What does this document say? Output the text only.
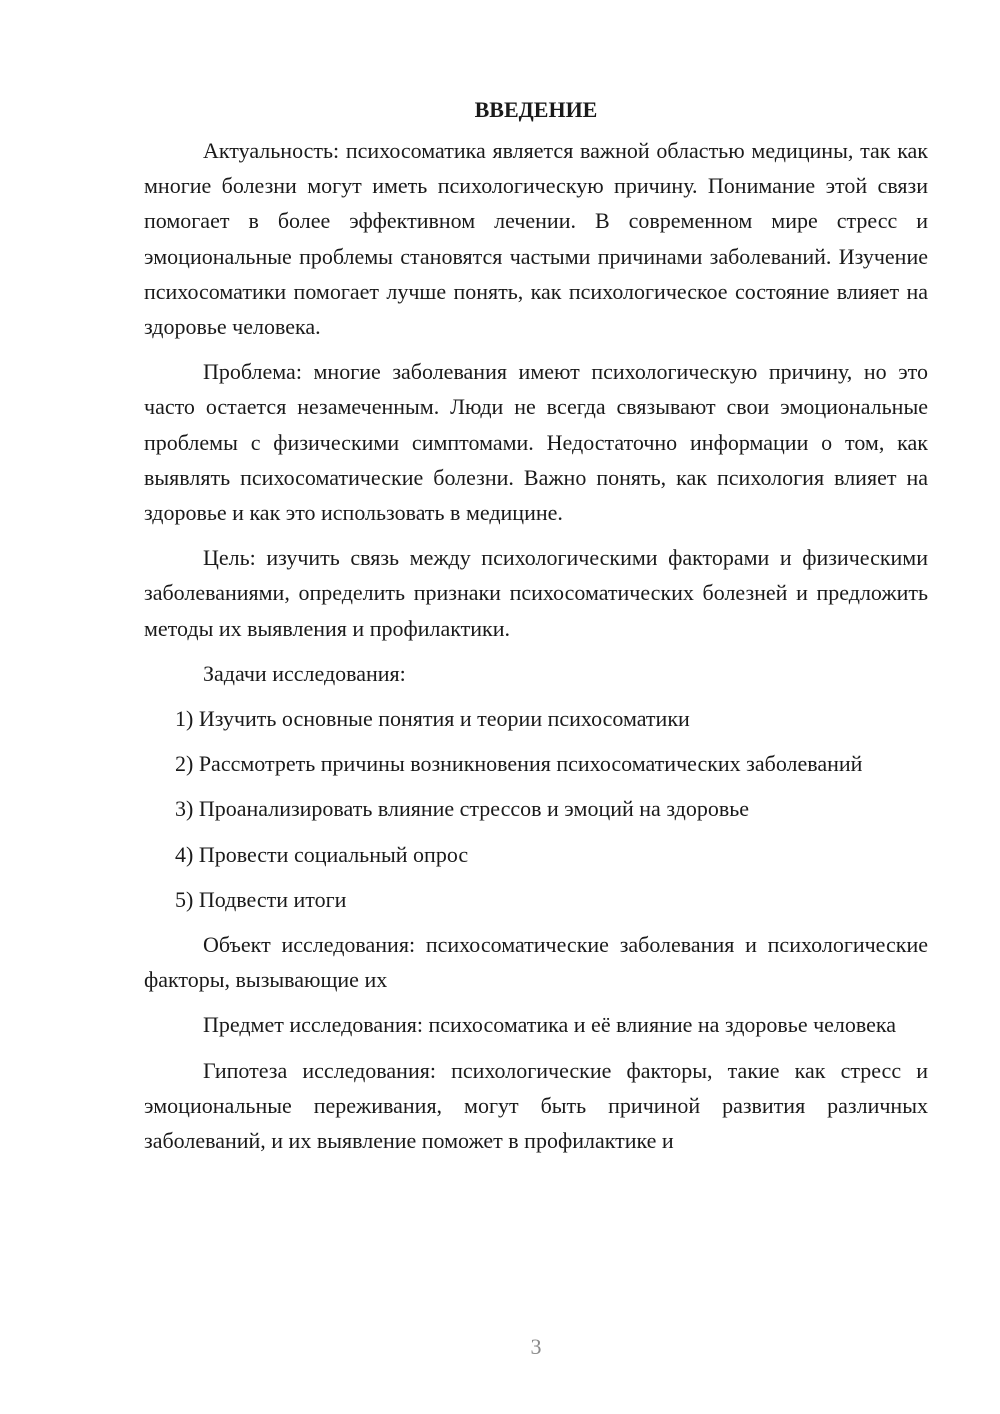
ВВЕДЕНИЕ

Актуальность: психосоматика является важной областью медицины, так как многие болезни могут иметь психологическую причину. Понимание этой связи помогает в более эффективном лечении. В современном мире стресс и эмоциональные проблемы становятся частыми причинами заболеваний. Изучение психосоматики помогает лучше понять, как психологическое состояние влияет на здоровье человека.

Проблема: многие заболевания имеют психологическую причину, но это часто остается незамеченным. Люди не всегда связывают свои эмоциональные проблемы с физическими симптомами. Недостаточно информации о том, как выявлять психосоматические болезни. Важно понять, как психология влияет на здоровье и как это использовать в медицине.

Цель: изучить связь между психологическими факторами и физическими заболеваниями, определить признаки психосоматических болезней и предложить методы их выявления и профилактики.

Задачи исследования:

1) Изучить основные понятия и теории психосоматики

2) Рассмотреть причины возникновения психосоматических заболеваний

3) Проанализировать влияние стрессов и эмоций на здоровье

4) Провести социальный опрос

5) Подвести итоги

Объект исследования: психосоматические заболевания и психологические факторы, вызывающие их

Предмет исследования: психосоматика и её влияние на здоровье человека

Гипотеза исследования: психологические факторы, такие как стресс и эмоциональные переживания, могут быть причиной развития различных заболеваний, и их выявление поможет в профилактике и

3
